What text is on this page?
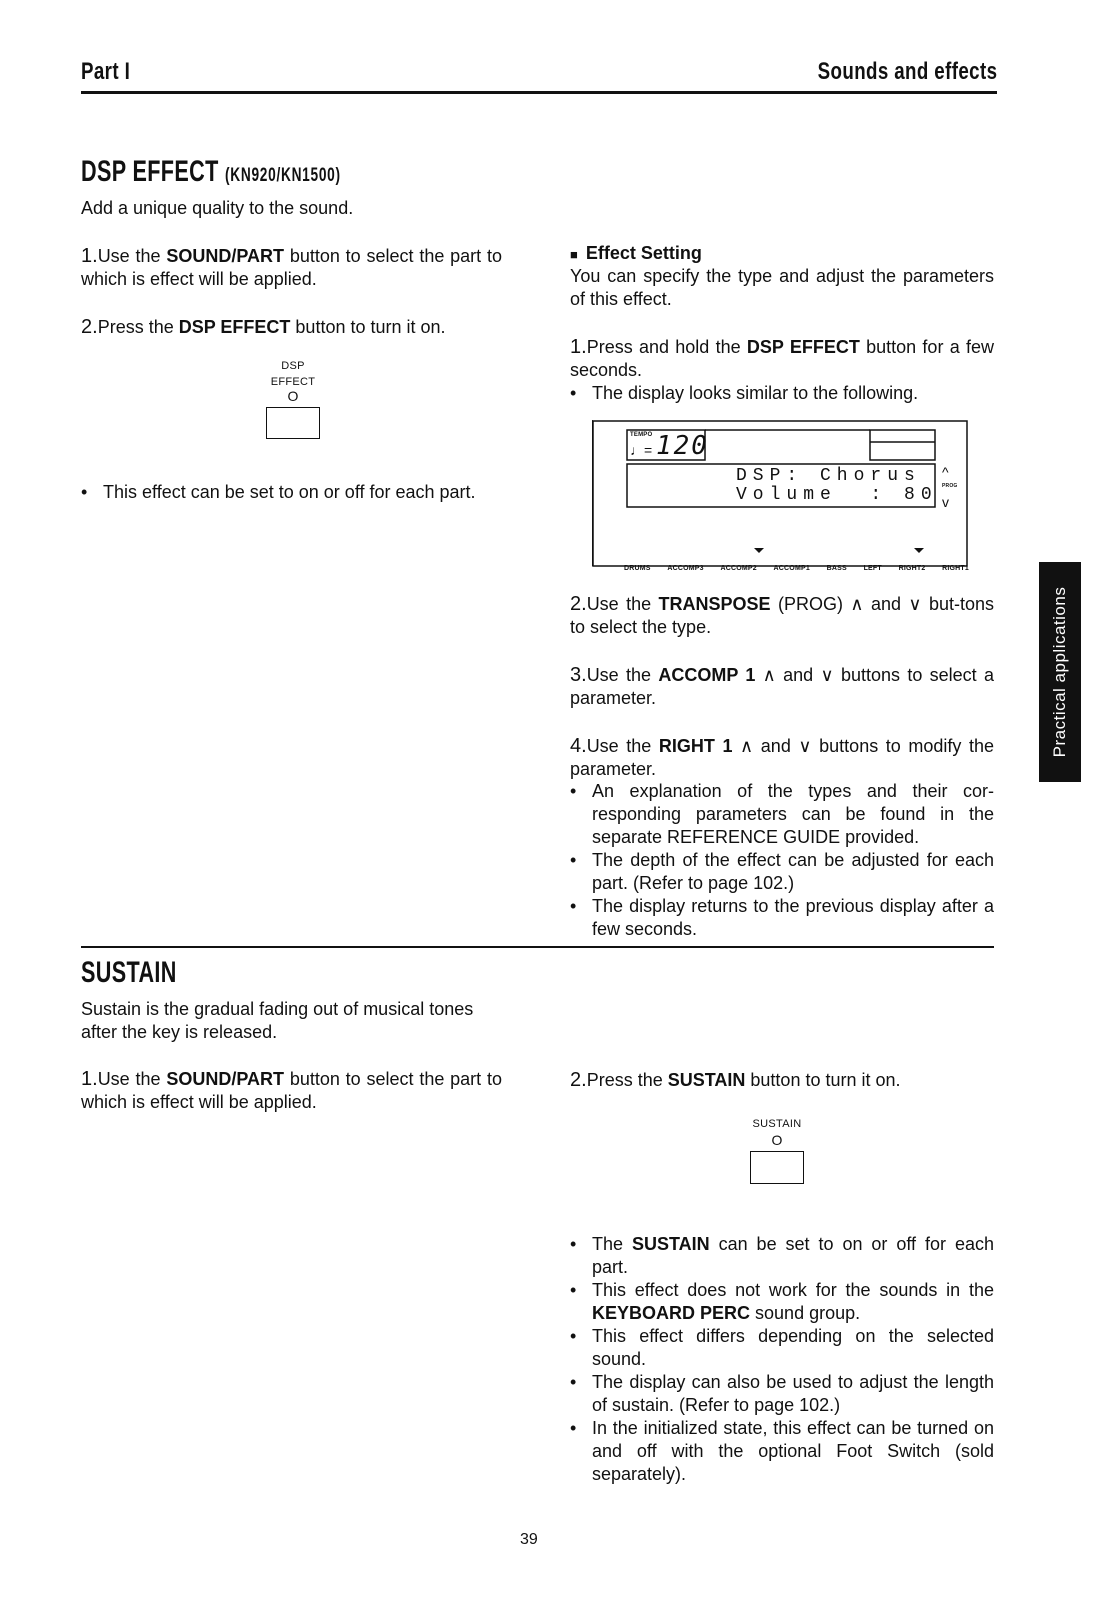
Part I	Sounds and effects
DSP EFFECT (KN920/KN1500)
Add a unique quality to the sound.
1.Use the SOUND/PART button to select the part to which is effect will be applied.
2.Press the DSP EFFECT button to turn it on.
DSP
EFFECT
O
• This effect can be set to on or off for each part.
■ Effect Setting
You can specify the type and adjust the parameters of this effect.
1.Press and hold the DSP EFFECT button for a few seconds.
• The display looks similar to the following.
TEMPO
♩= 120
DSP: Chorus
Volume  : 80
^
PROG
v
DRUMS ACCOMP3 ACCOMP2 ACCOMP1 BASS LEFT RIGHT2 RIGHT1
2.Use the TRANSPOSE (PROG) ∧ and ∨ but-tons to select the type.
3.Use the ACCOMP 1 ∧ and ∨ buttons to select a parameter.
4.Use the RIGHT 1 ∧ and ∨ buttons to modify the parameter.
• An explanation of the types and their cor-responding parameters can be found in the separate REFERENCE GUIDE provided.
• The depth of the effect can be adjusted for each part. (Refer to page 102.)
• The display returns to the previous display after a few seconds.
SUSTAIN
Sustain is the gradual fading out of musical tones after the key is released.
1.Use the SOUND/PART button to select the part to which is effect will be applied.
2.Press the SUSTAIN button to turn it on.
SUSTAIN
O
• The SUSTAIN can be set to on or off for each part.
• This effect does not work for the sounds in the KEYBOARD PERC sound group.
• This effect differs depending on the selected sound.
• The display can also be used to adjust the length of sustain. (Refer to page 102.)
• In the initialized state, this effect can be turned on and off with the optional Foot Switch (sold separately).
Practical applications
39
